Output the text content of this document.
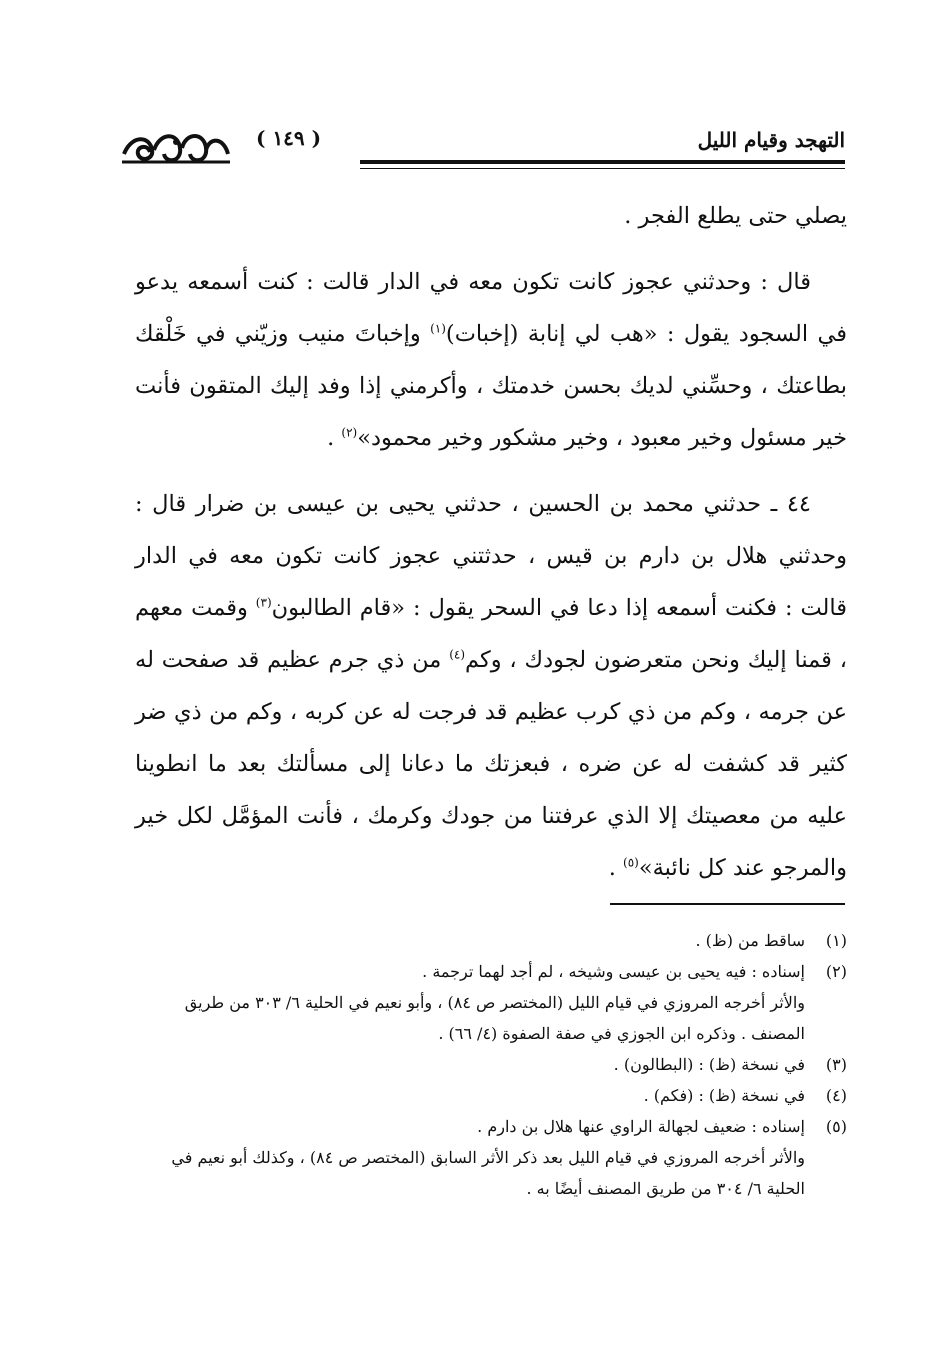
التهجد وقيام الليل
( ١٤٩ )

يصلي حتى يطلع الفجر .

قال : وحدثني عجوز كانت تكون معه في الدار قالت : كنت أسمعه يدعو في السجود يقول : «هب لي إنابة (إخبات)$^{(١)}$ وإخباتَ منيب وزيّني في خَلْقك بطاعتك ، وحسِّني لديك بحسن خدمتك ، وأكرمني إذا وفد إليك المتقون فأنت خير مسئول وخير معبود ، وخير مشكور وخير محمود»$^{(٢)}$ .

٤٤ ـ حدثني محمد بن الحسين ، حدثني يحيى بن عيسى بن ضرار قال : وحدثني هلال بن دارم بن قيس ، حدثتني عجوز كانت تكون معه في الدار قالت : فكنت أسمعه إذا دعا في السحر يقول : «قام الطالبون$^{(٣)}$ وقمت معهم ، قمنا إليك ونحن متعرضون لجودك ، وكم$^{(٤)}$ من ذي جرم عظيم قد صفحت له عن جرمه ، وكم من ذي كرب عظيم قد فرجت له عن كربه ، وكم من ذي ضر كثير قد كشفت له عن ضره ، فبعزتك ما دعانا إلى مسألتك بعد ما انطوينا عليه من معصيتك إلا الذي عرفتنا من جودك وكرمك ، فأنت المؤمَّل لكل خير والمرجو عند كل نائبة»$^{(٥)}$ .

(١)
ساقط من (ظ) .
(٢)
إسناده : فيه يحيى بن عيسى وشيخه ، لم أجد لهما ترجمة .
والأثر أخرجه المروزي في قيام الليل (المختصر ص ٨٤) ، وأبو نعيم في الحلية ٦/ ٣٠٣ من طريق المصنف . وذكره ابن الجوزي في صفة الصفوة (٤/ ٦٦) .
(٣)
في نسخة (ظ) : (البطالون) .
(٤)
في نسخة (ظ) : (فكم) .
(٥)
إسناده : ضعيف لجهالة الراوي عنها هلال بن دارم .
والأثر أخرجه المروزي في قيام الليل بعد ذكر الأثر السابق (المختصر ص ٨٤) ، وكذلك أبو نعيم في الحلية ٦/ ٣٠٤ من طريق المصنف أيضًا به .
